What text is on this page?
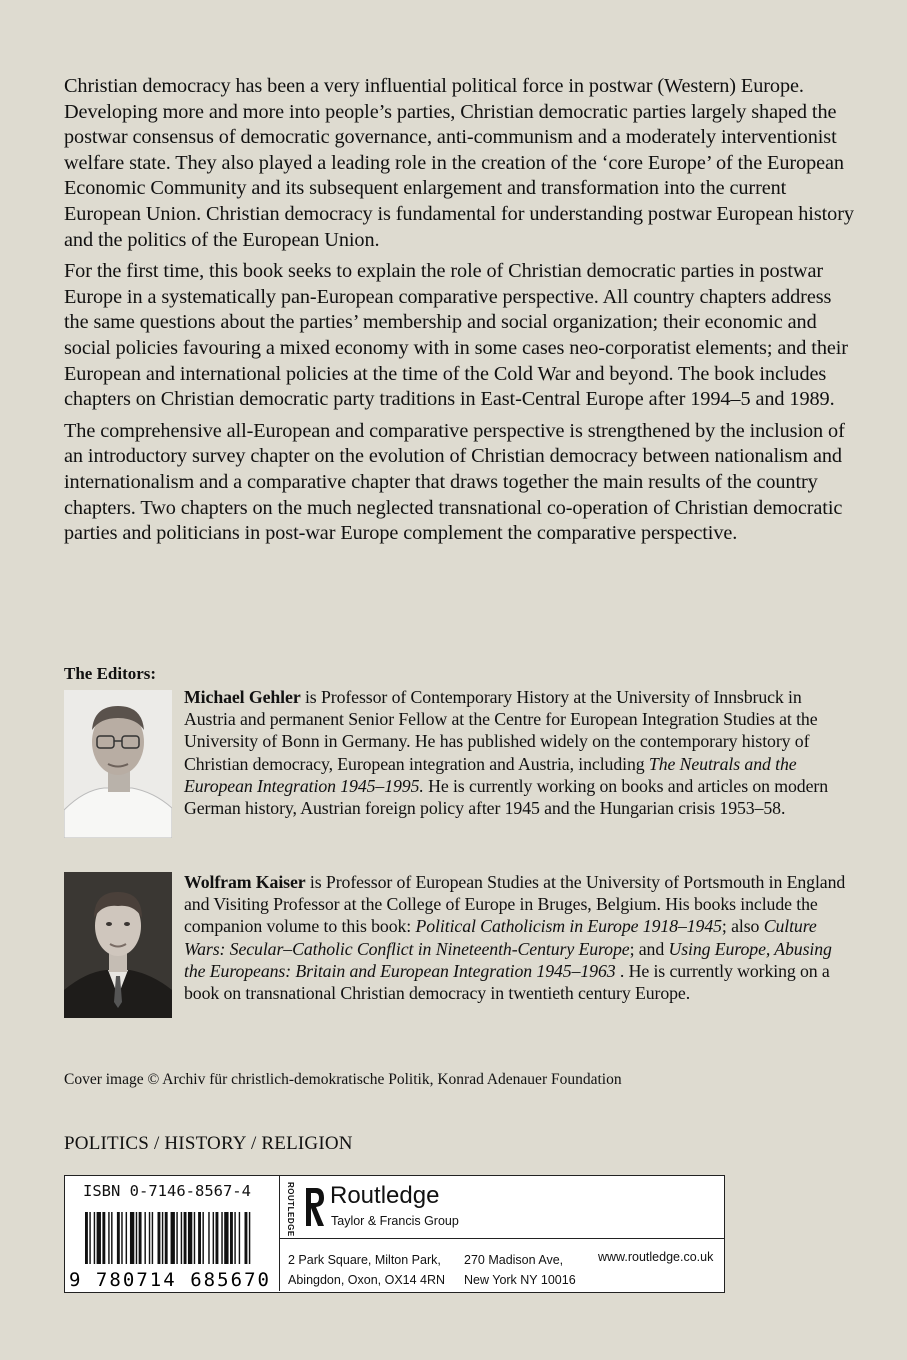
Christian democracy has been a very influential political force in postwar (Western) Europe. Developing more and more into people’s parties, Christian democratic parties largely shaped the postwar consensus of democratic governance, anti-communism and a moderately interventionist welfare state. They also played a leading role in the creation of the ‘core Europe’ of the European Economic Community and its subsequent enlargement and transformation into the current European Union. Christian democracy is fundamental for understanding postwar European history and the politics of the European Union.

For the first time, this book seeks to explain the role of Christian democratic parties in postwar Europe in a systematically pan-European comparative perspective. All country chapters address the same questions about the parties’ membership and social organization; their economic and social policies favouring a mixed economy with in some cases neo-corporatist elements; and their European and international policies at the time of the Cold War and beyond. The book includes chapters on Christian democratic party traditions in East-Central Europe after 1994–5 and 1989.

The comprehensive all-European and comparative perspective is strengthened by the inclusion of an introductory survey chapter on the evolution of Christian democracy between nationalism and internationalism and a comparative chapter that draws together the main results of the country chapters. Two chapters on the much neglected transnational co-operation of Christian democratic parties and politicians in post-war Europe complement the comparative perspective.

The Editors:
Michael Gehler is Professor of Contemporary History at the University of Innsbruck in Austria and permanent Senior Fellow at the Centre for European Integration Studies at the University of Bonn in Germany. He has published widely on the contemporary history of Christian democracy, European integration and Austria, including The Neutrals and the European Integration 1945–1995. He is currently working on books and articles on modern German history, Austrian foreign policy after 1945 and the Hungarian crisis 1953–58.
Wolfram Kaiser is Professor of European Studies at the University of Portsmouth in England and Visiting Professor at the College of Europe in Bruges, Belgium. His books include the companion volume to this book: Political Catholicism in Europe 1918–1945; also Culture Wars: Secular–Catholic Conflict in Nineteenth-Century Europe; and Using Europe, Abusing the Europeans: Britain and European Integration 1945–1963 . He is currently working on a book on transnational Christian democracy in twentieth century Europe.
Cover image © Archiv für christlich-demokratische Politik, Konrad Adenauer Foundation
POLITICS / HISTORY / RELIGION
ISBN 0-7146-8567-4
9 780714 685670
ROUTLEDGE Routledge
Taylor & Francis Group
2 Park Square, Milton Park,
Abingdon, Oxon, OX14 4RN
270 Madison Ave,
New York NY 10016
www.routledge.co.uk
